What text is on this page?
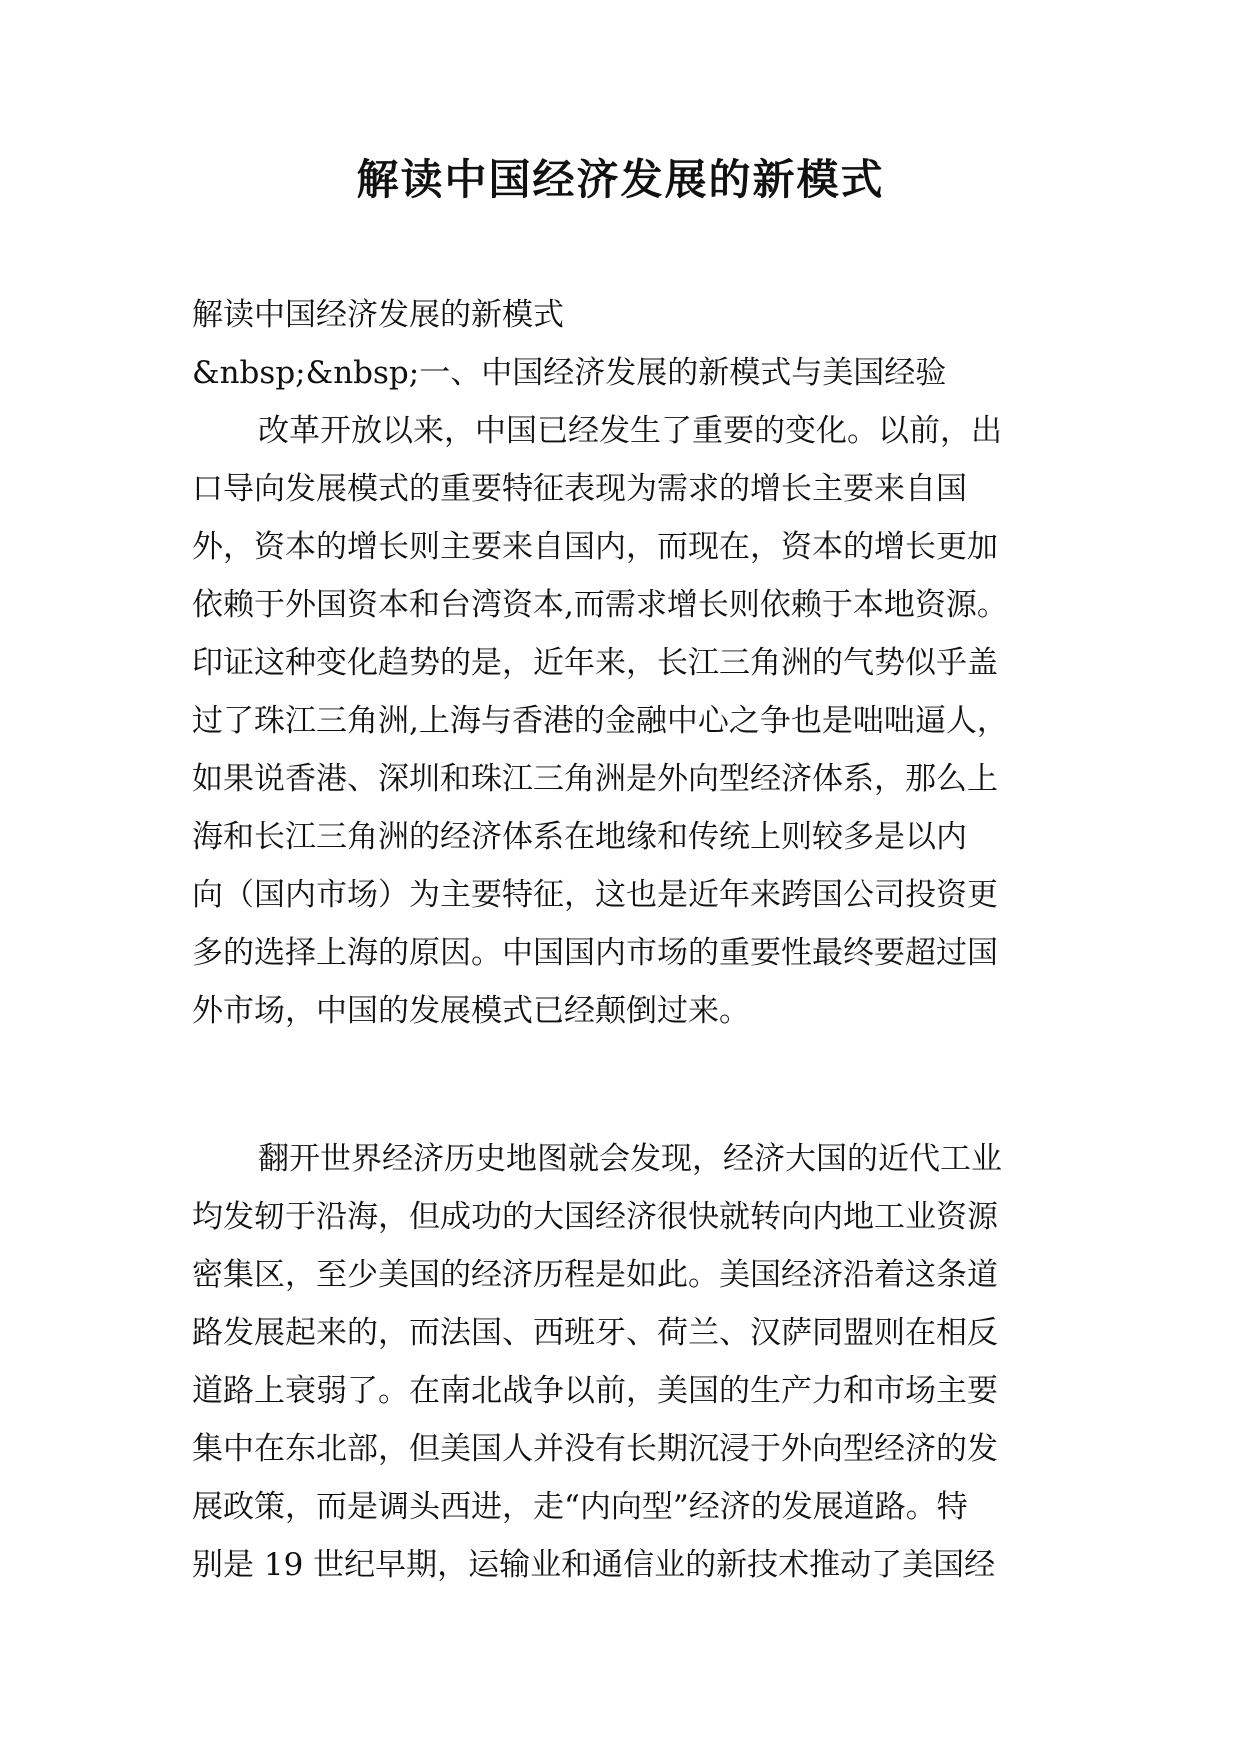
解读中国经济发展的新模式
解读中国经济发展的新模式
&nbsp;&nbsp;一、中国经济发展的新模式与美国经验
改革开放以来，中国已经发生了重要的变化。以前，出
口导向发展模式的重要特征表现为需求的增长主要来自国
外，资本的增长则主要来自国内，而现在，资本的增长更加
依赖于外国资本和台湾资本,而需求增长则依赖于本地资源。
印证这种变化趋势的是，近年来，长江三角洲的气势似乎盖
过了珠江三角洲,上海与香港的金融中心之争也是咄咄逼人，
如果说香港、深圳和珠江三角洲是外向型经济体系，那么上
海和长江三角洲的经济体系在地缘和传统上则较多是以内
向（国内市场）为主要特征，这也是近年来跨国公司投资更
多的选择上海的原因。中国国内市场的重要性最终要超过国
外市场，中国的发展模式已经颠倒过来。
翻开世界经济历史地图就会发现，经济大国的近代工业
均发轫于沿海，但成功的大国经济很快就转向内地工业资源
密集区，至少美国的经济历程是如此。美国经济沿着这条道
路发展起来的，而法国、西班牙、荷兰、汉萨同盟则在相反
道路上衰弱了。在南北战争以前，美国的生产力和市场主要
集中在东北部，但美国人并没有长期沉浸于外向型经济的发
展政策，而是调头西进，走“内向型”经济的发展道路。特
别是 19 世纪早期，运输业和通信业的新技术推动了美国经
